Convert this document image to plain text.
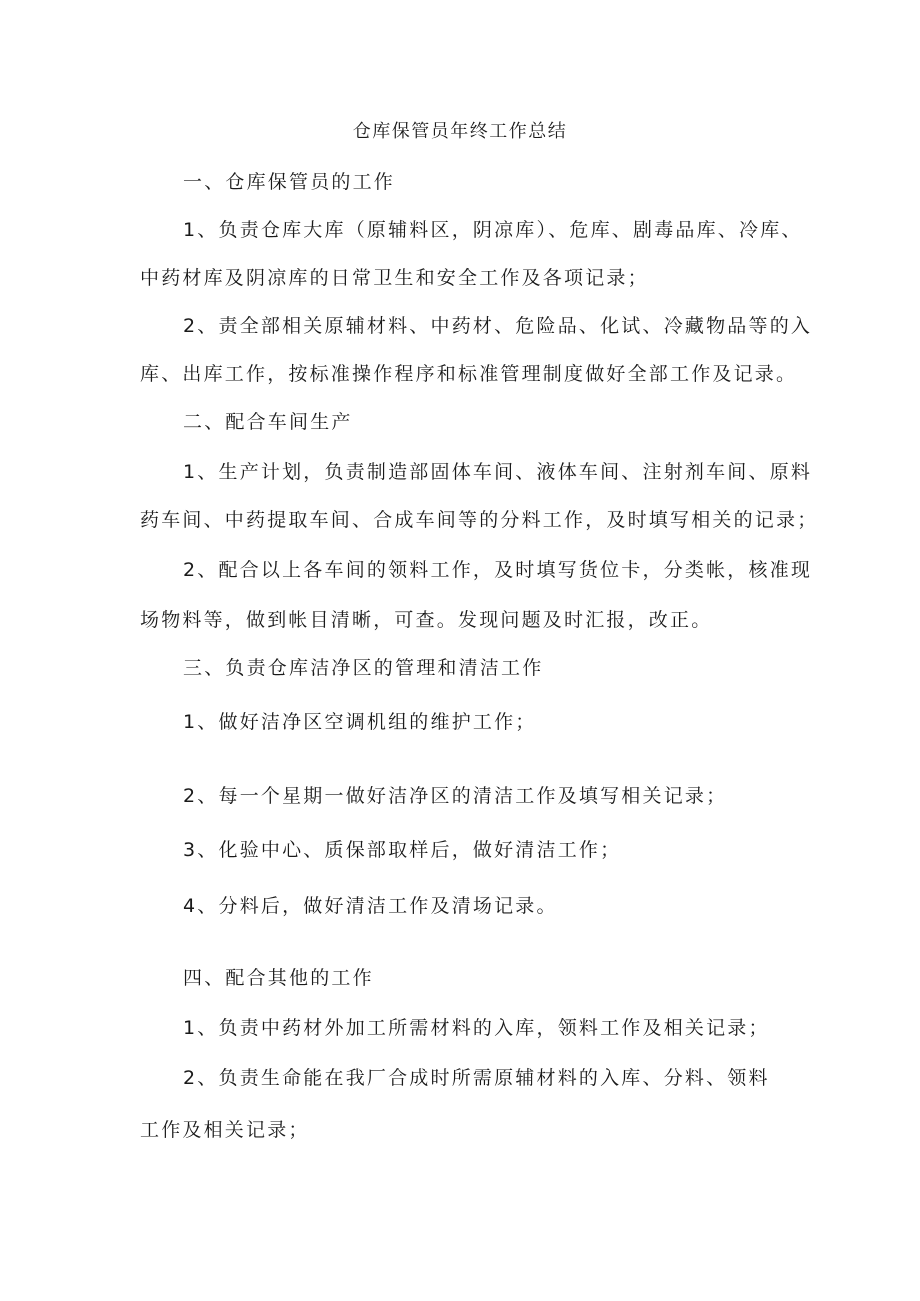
仓库保管员年终工作总结
一、仓库保管员的工作
1、负责仓库大库（原辅料区，阴凉库）、危库、剧毒品库、冷库、
中药材库及阴凉库的日常卫生和安全工作及各项记录；
2、责全部相关原辅材料、中药材、危险品、化试、冷藏物品等的入
库、出库工作，按标准操作程序和标准管理制度做好全部工作及记录。
二、配合车间生产
1、生产计划，负责制造部固体车间、液体车间、注射剂车间、原料
药车间、中药提取车间、合成车间等的分料工作，及时填写相关的记录；
2、配合以上各车间的领料工作，及时填写货位卡，分类帐，核准现
场物料等，做到帐目清晰，可查。发现问题及时汇报，改正。
三、负责仓库洁净区的管理和清洁工作
1、做好洁净区空调机组的维护工作；
2、每一个星期一做好洁净区的清洁工作及填写相关记录；
3、化验中心、质保部取样后，做好清洁工作；
4、分料后，做好清洁工作及清场记录。
四、配合其他的工作
1、负责中药材外加工所需材料的入库，领料工作及相关记录；
2、负责生命能在我厂合成时所需原辅材料的入库、分料、领料
工作及相关记录；
